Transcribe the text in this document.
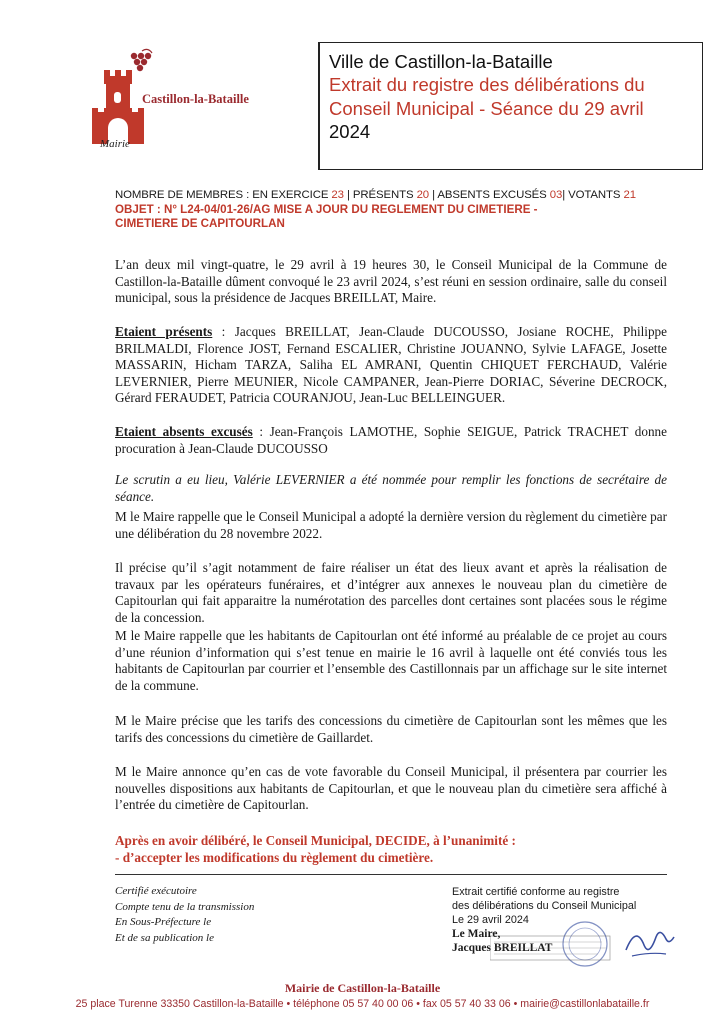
Castillon-la-Bataille
Mairie
Ville de Castillon-la-Bataille
Extrait du registre des délibérations du
Conseil Municipal - Séance du 29 avril
2024
NOMBRE DE MEMBRES : EN EXERCICE 23 | PRÉSENTS 20 | ABSENTS EXCUSÉS 03| VOTANTS 21
OBJET : N° L24-04/01-26/AG MISE A JOUR DU REGLEMENT DU CIMETIERE -
CIMETIERE DE CAPITOURLAN
L’an deux mil vingt-quatre, le 29 avril à 19 heures 30, le Conseil Municipal de la Commune de Castillon-la-Bataille dûment convoqué le 23 avril 2024, s’est réuni en session ordinaire, salle du conseil municipal, sous la présidence de Jacques BREILLAT, Maire.
Etaient présents : Jacques BREILLAT, Jean-Claude DUCOUSSO, Josiane ROCHE, Philippe BRILMALDI, Florence JOST, Fernand ESCALIER, Christine JOUANNO, Sylvie LAFAGE, Josette MASSARIN, Hicham TARZA, Saliha EL AMRANI, Quentin CHIQUET FERCHAUD, Valérie LEVERNIER, Pierre MEUNIER, Nicole CAMPANER, Jean-Pierre DORIAC, Séverine DECROCK, Gérard FERAUDET, Patricia COURANJOU, Jean-Luc BELLEINGUER.
Etaient absents excusés : Jean-François LAMOTHE, Sophie SEIGUE, Patrick TRACHET donne procuration à Jean-Claude DUCOUSSO
Le scrutin a eu lieu, Valérie LEVERNIER a été nommée pour remplir les fonctions de secrétaire de séance.
M le Maire rappelle que le Conseil Municipal a adopté la dernière version du règlement du cimetière par une délibération du 28 novembre 2022.
Il précise qu’il s’agit notamment de faire réaliser un état des lieux avant et après la réalisation de travaux par les opérateurs funéraires, et d’intégrer aux annexes le nouveau plan du cimetière de Capitourlan qui fait apparaitre la numérotation des parcelles dont certaines sont placées sous le régime de la concession.
M le Maire rappelle que les habitants de Capitourlan ont été informé au préalable de ce projet au cours d’une réunion d’information qui s’est tenue en mairie le 16 avril à laquelle ont été conviés tous les habitants de Capitourlan par courrier et l’ensemble des Castillonnais par un affichage sur le site internet de la commune.
M le Maire précise que les tarifs des concessions du cimetière de Capitourlan sont les mêmes que les tarifs des concessions du cimetière de Gaillardet.
M le Maire annonce qu’en cas de vote favorable du Conseil Municipal, il présentera par courrier les nouvelles dispositions aux habitants de Capitourlan, et que le nouveau plan du cimetière sera affiché à l’entrée du cimetière de Capitourlan.
Après en avoir délibéré, le Conseil Municipal, DECIDE, à l’unanimité :
- d’accepter les modifications du règlement du cimetière.
Certifié exécutoire
Compte tenu de la transmission
En Sous-Préfecture le
Et de sa publication le
Extrait certifié conforme au registre
des délibérations du Conseil Municipal
Le 29 avril 2024
Le Maire,
Jacques BREILLAT
Mairie de Castillon-la-Bataille
25 place Turenne 33350 Castillon-la-Bataille • téléphone 05 57 40 00 06 • fax 05 57 40 33 06 • mairie@castillonlabataille.fr
